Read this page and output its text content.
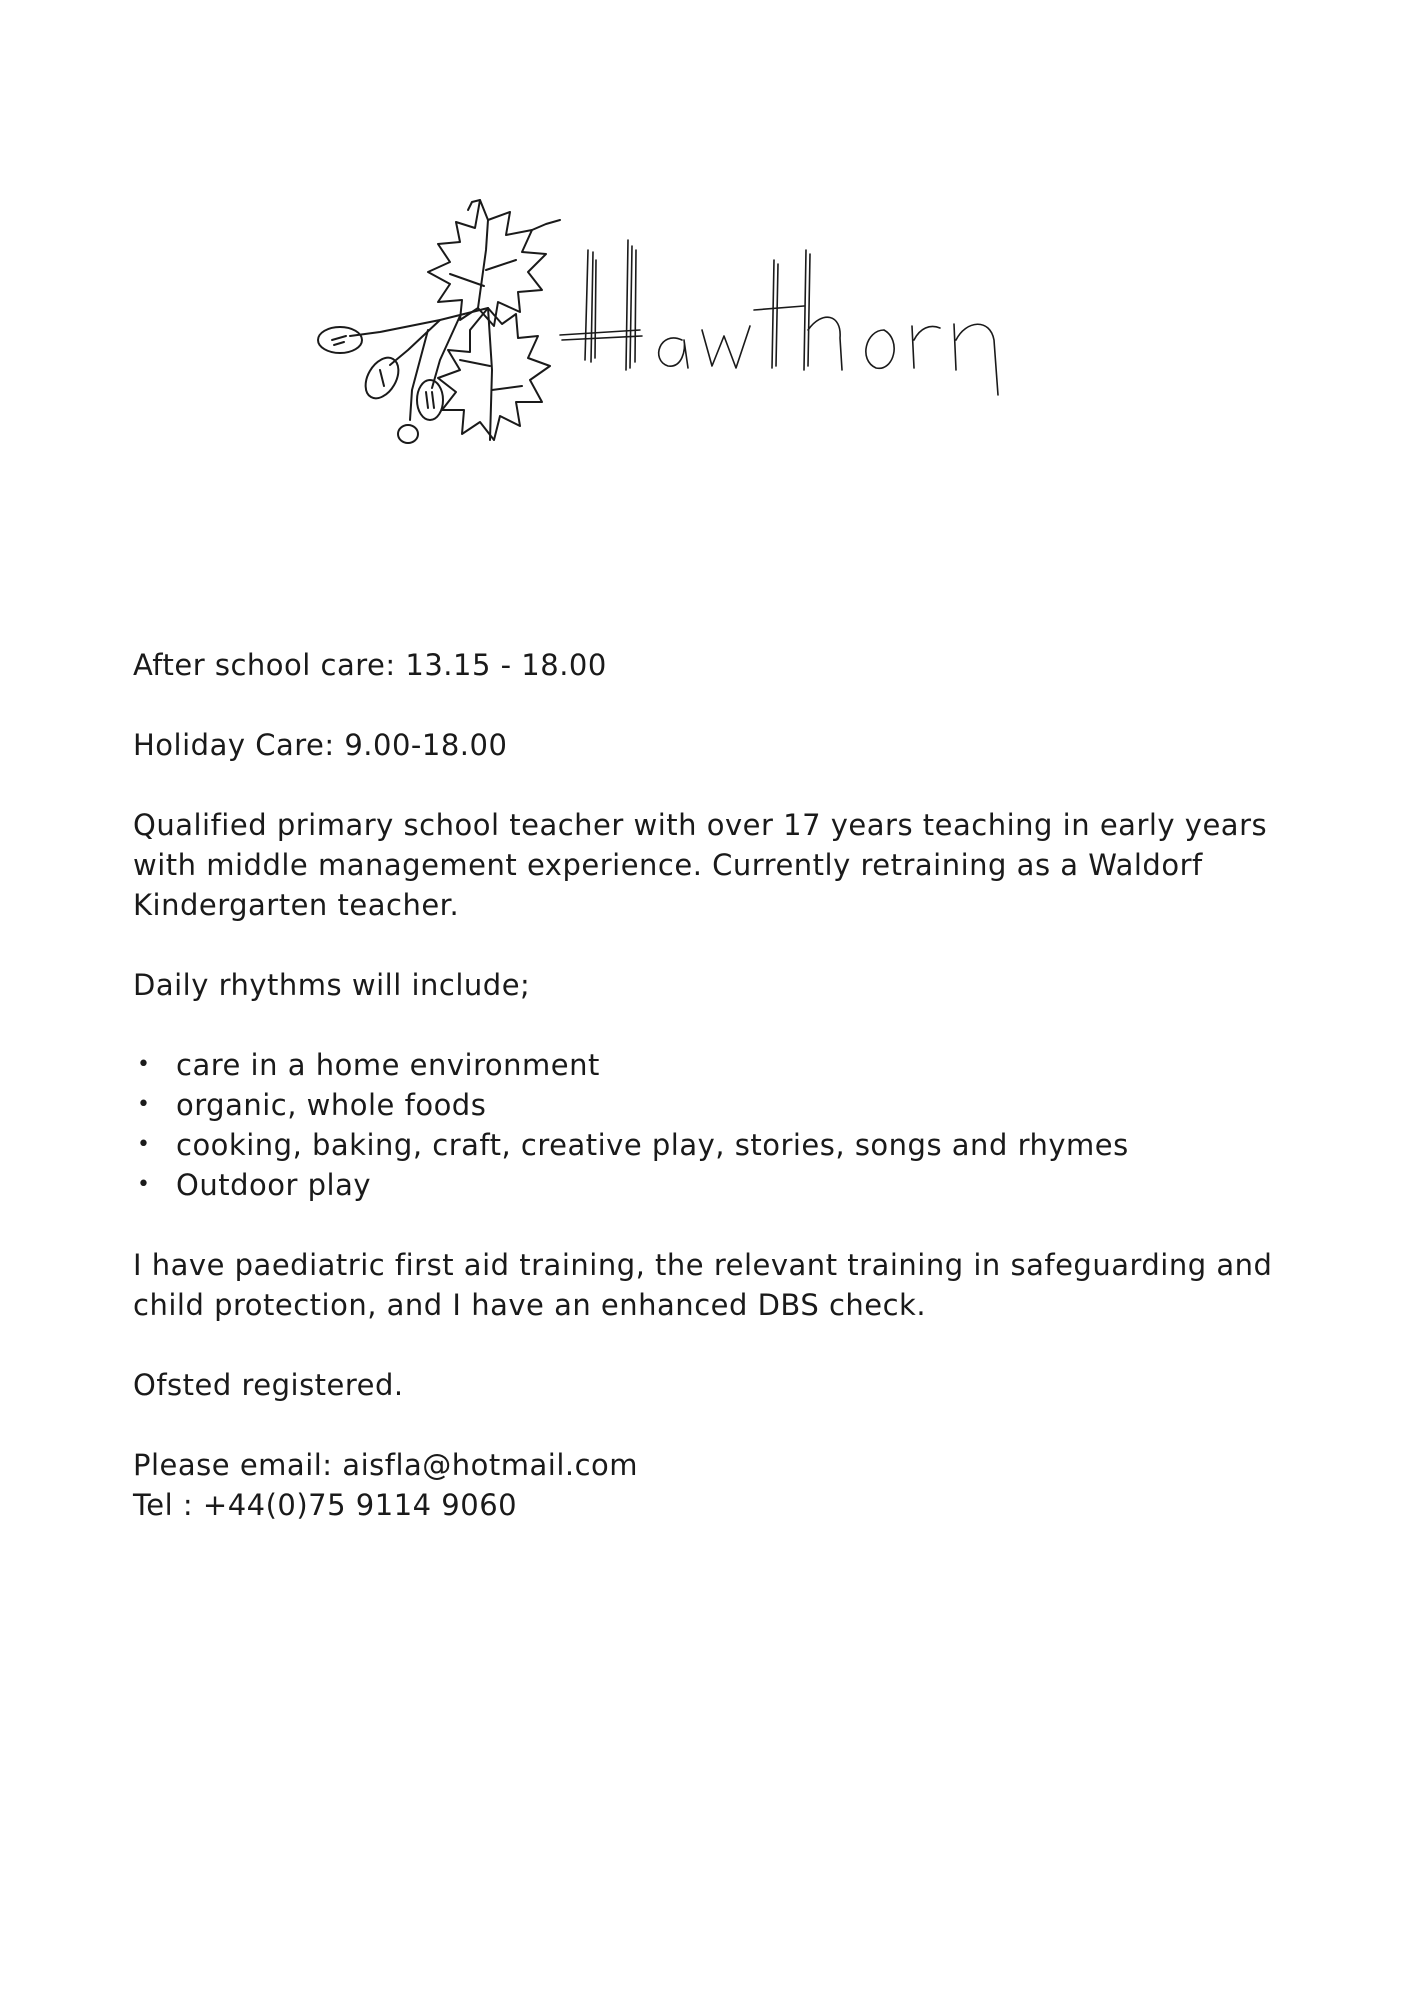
After school care: 13.15 - 18.00

Holiday Care: 9.00-18.00

Qualified primary school teacher with over 17 years teaching in early years with middle management experience. Currently retraining as a Waldorf Kindergarten teacher.

Daily rhythms will include;

• care in a home environment
• organic, whole foods
• cooking, baking, craft, creative play, stories, songs and rhymes
• Outdoor play

I have paediatric first aid training, the relevant training in safeguarding and child protection, and I have an enhanced DBS check.

Ofsted registered.

Please email: aisfla@hotmail.com

Tel : +44(0)75 9114 9060
